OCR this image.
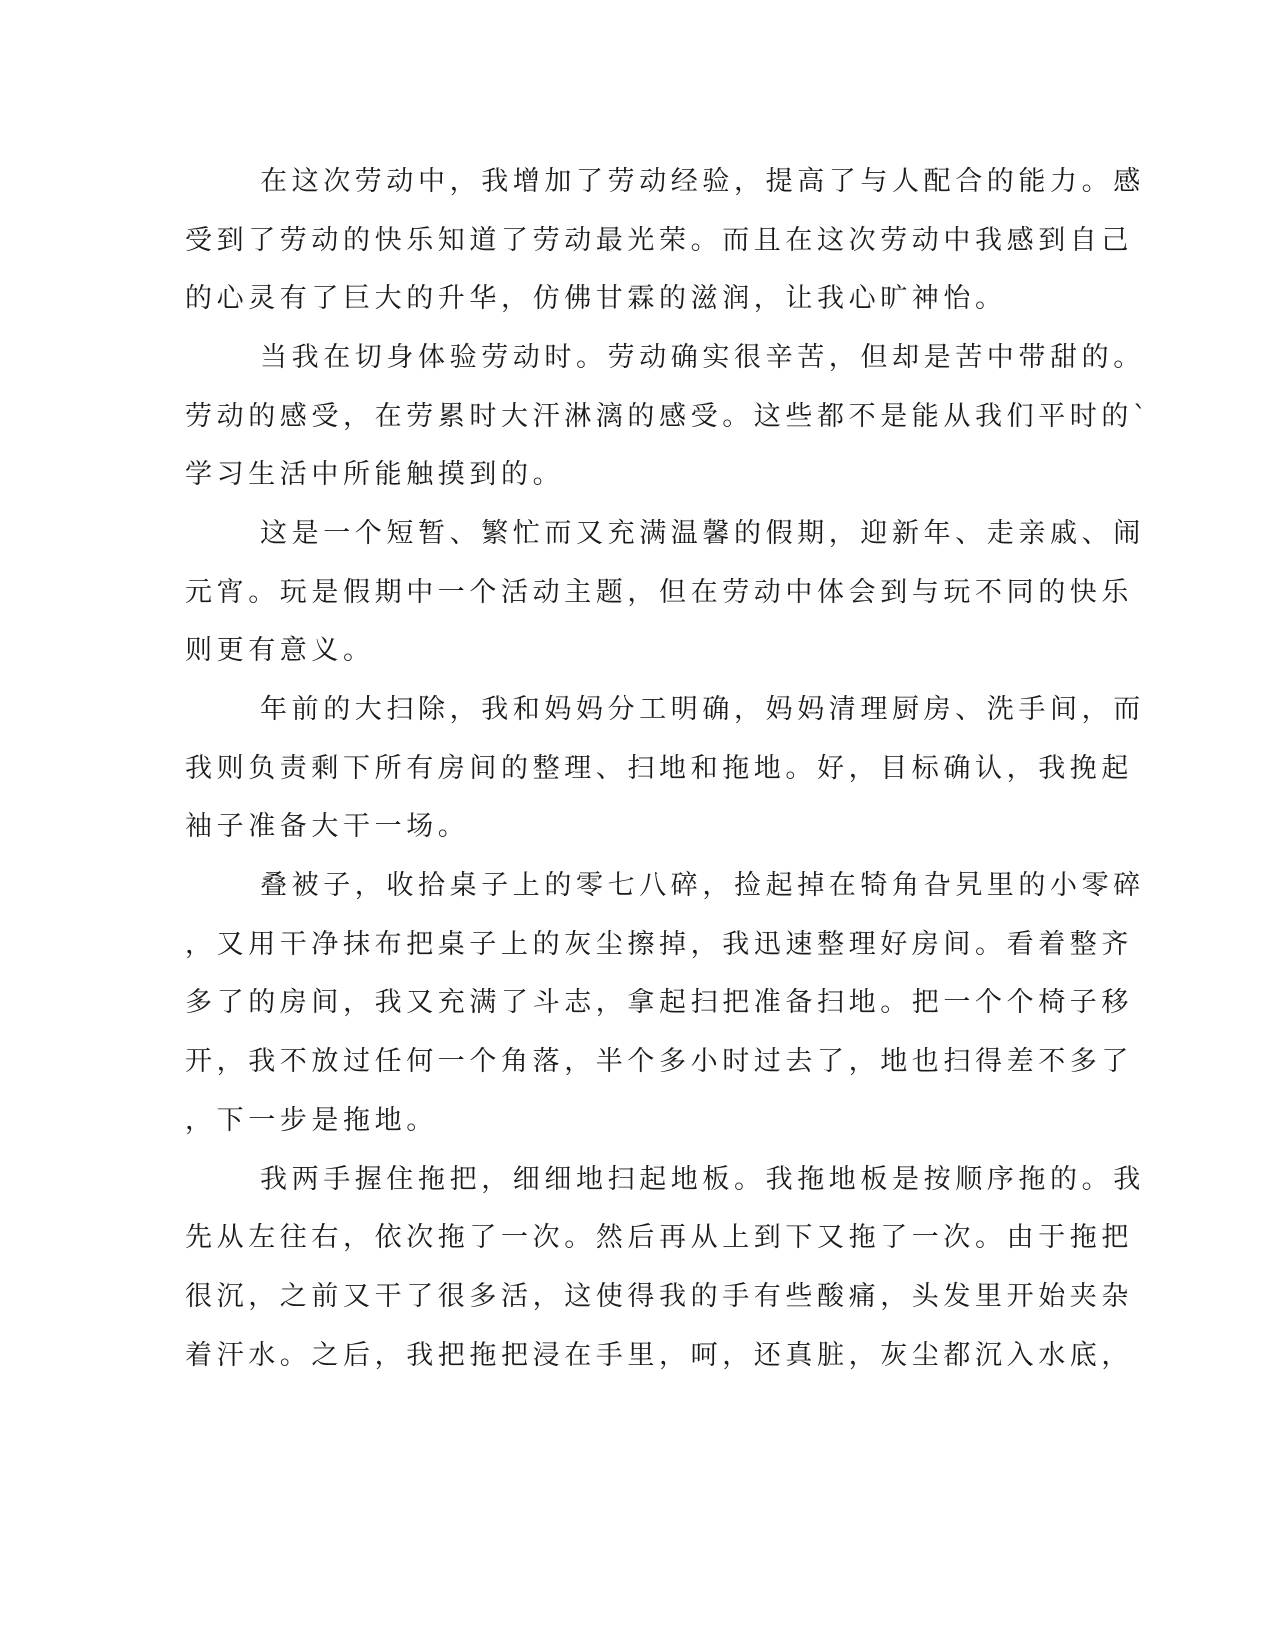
在这次劳动中，我增加了劳动经验，提高了与人配合的能力。感
受到了劳动的快乐知道了劳动最光荣。而且在这次劳动中我感到自己
的心灵有了巨大的升华，仿佛甘霖的滋润，让我心旷神怡。
当我在切身体验劳动时。劳动确实很辛苦，但却是苦中带甜的。
劳动的感受，在劳累时大汗淋漓的感受。这些都不是能从我们平时的`
学习生活中所能触摸到的。
这是一个短暂、繁忙而又充满温馨的假期，迎新年、走亲戚、闹
元宵。玩是假期中一个活动主题，但在劳动中体会到与玩不同的快乐
则更有意义。
年前的大扫除，我和妈妈分工明确，妈妈清理厨房、洗手间，而
我则负责剩下所有房间的整理、扫地和拖地。好，目标确认，我挽起
袖子准备大干一场。
叠被子，收拾桌子上的零七八碎，捡起掉在犄角旮旯里的小零碎
，又用干净抹布把桌子上的灰尘擦掉，我迅速整理好房间。看着整齐
多了的房间，我又充满了斗志，拿起扫把准备扫地。把一个个椅子移
开，我不放过任何一个角落，半个多小时过去了，地也扫得差不多了
，下一步是拖地。
我两手握住拖把，细细地扫起地板。我拖地板是按顺序拖的。我
先从左往右，依次拖了一次。然后再从上到下又拖了一次。由于拖把
很沉，之前又干了很多活，这使得我的手有些酸痛，头发里开始夹杂
着汗水。之后，我把拖把浸在手里，呵，还真脏，灰尘都沉入水底，
